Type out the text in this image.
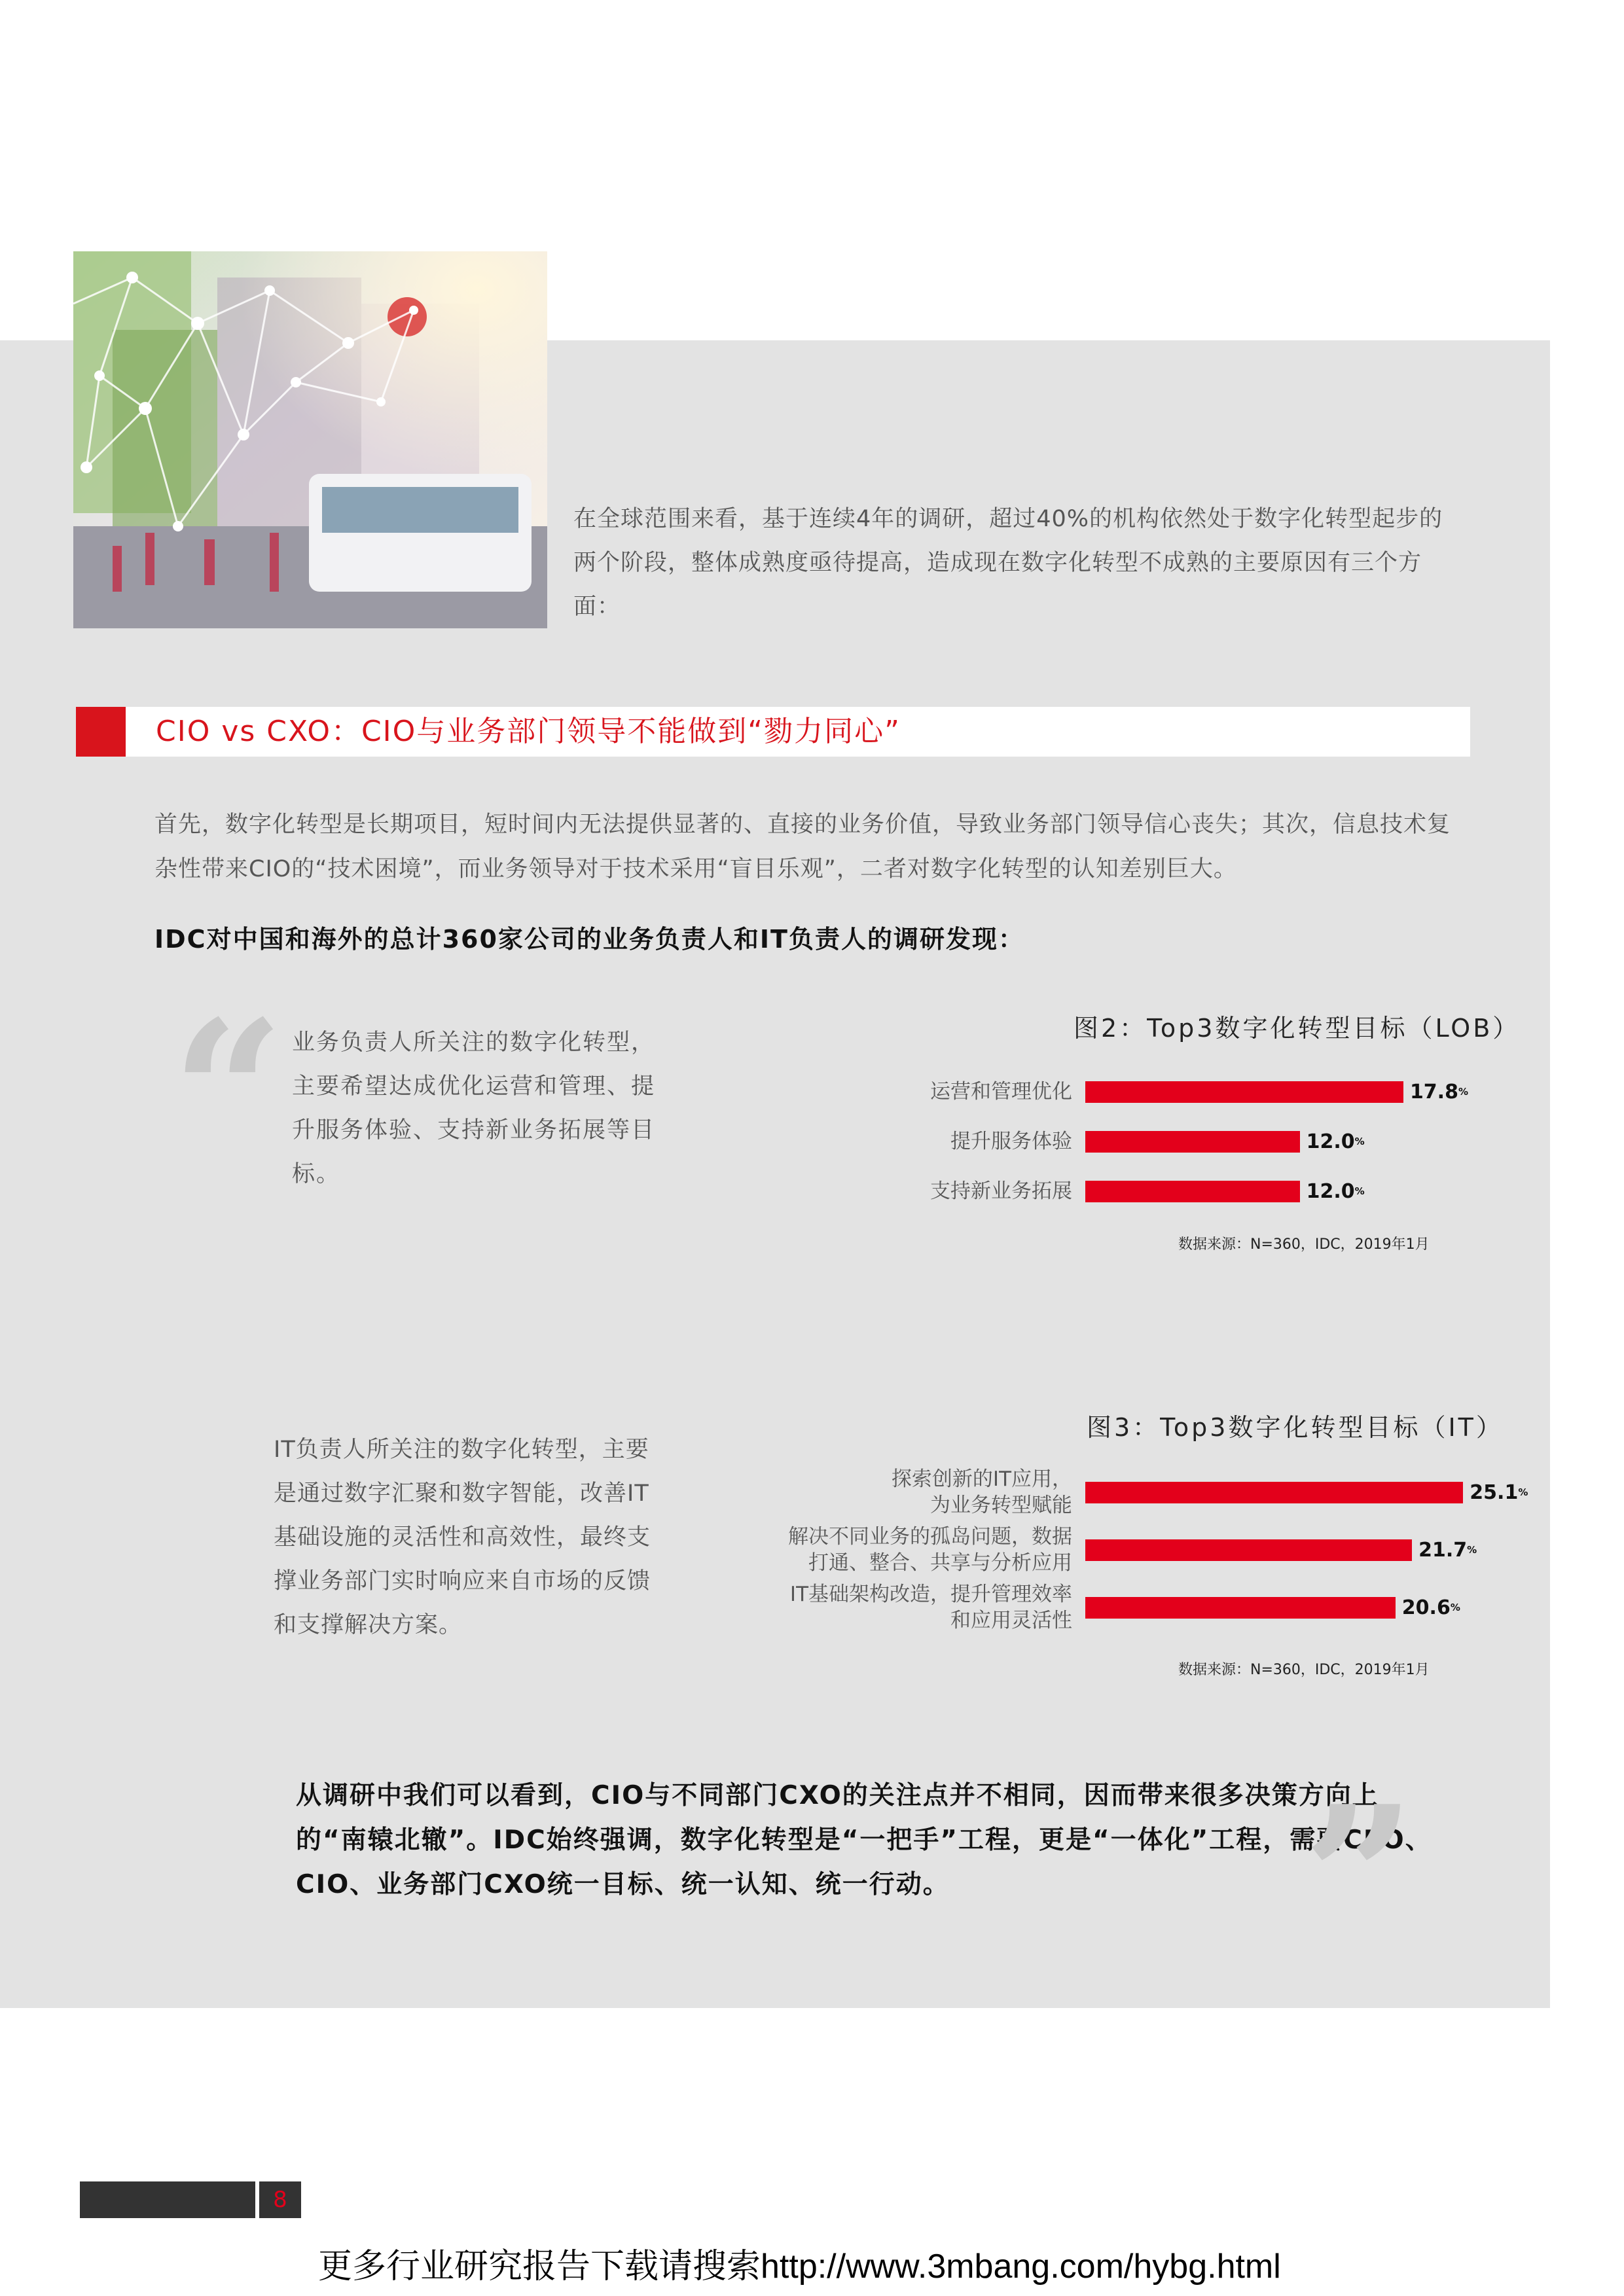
在全球范围来看，基于连续4年的调研，超过40%的机构依然处于数字化转型起步的两个阶段，整体成熟度亟待提高，造成现在数字化转型不成熟的主要原因有三个方面：
CIO vs CXO：CIO与业务部门领导不能做到“勠力同心”
首先，数字化转型是长期项目，短时间内无法提供显著的、直接的业务价值，导致业务部门领导信心丧失；其次，信息技术复杂性带来CIO的“技术困境”，而业务领导对于技术采用“盲目乐观”，二者对数字化转型的认知差别巨大。
IDC对中国和海外的总计360家公司的业务负责人和IT负责人的调研发现：
“ 业务负责人所关注的数字化转型，主要希望达成优化运营和管理、提升服务体验、支持新业务拓展等目标。
IT负责人所关注的数字化转型，主要是通过数字汇聚和数字智能，改善IT基础设施的灵活性和高效性，最终支撑业务部门实时响应来自市场的反馈和支撑解决方案。
图2：Top3数字化转型目标（LOB）
运营和管理优化	17.8%
提升服务体验	12.0%
支持新业务拓展	12.0%
数据来源：N=360，IDC，2019年1月
图3：Top3数字化转型目标（IT）
探索创新的IT应用，
为业务转型赋能
25.1%
解决不同业务的孤岛问题，数据
打通、整合、共享与分析应用
21.7%
IT基础架构改造，提升管理效率
和应用灵活性
20.6%
数据来源：N=360，IDC，2019年1月
从调研中我们可以看到，CIO与不同部门CXO的关注点并不相同，因而带来很多决策方向上的“南辕北辙”。IDC始终强调，数字化转型是“一把手”工程，更是“一体化”工程，需要CEO、CIO、业务部门CXO统一目标、统一认知、统一行动。	”
8
更多行业研究报告下载请搜索http://www.3mbang.com/hybg.html
